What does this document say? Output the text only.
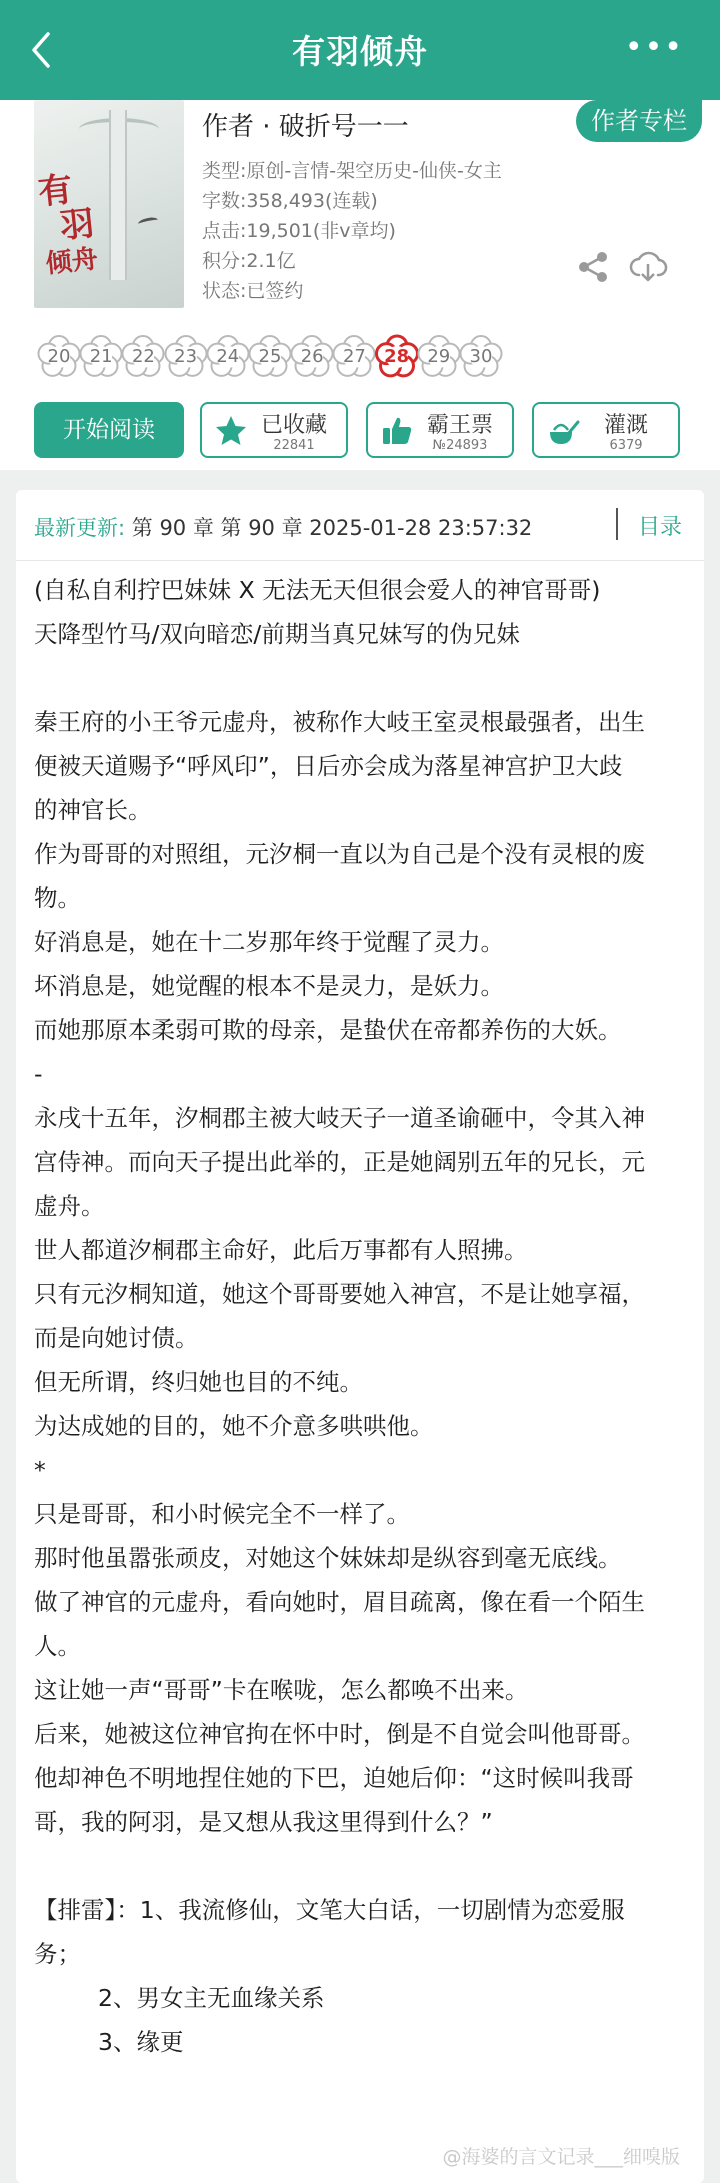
有羽倾舟	•••
有
羽
倾舟
作者 · 破折号一一	作者专栏
类型:原创-言情-架空历史-仙侠-女主
字数:358,493(连载)
点击:19,501(非v章均)
积分:2.1亿
状态:已签约
20	21	22	23	24	25	26	27	28	29	30
开始阅读	已收藏
22841
霸王票
№24893
灌溉
6379
最新更新: 第 90 章 第 90 章 2025-01-28 23:57:32	目录

(自私自利拧巴妹妹 X 无法无天但很会爱人的神官哥哥)

天降型竹马/双向暗恋/前期当真兄妹写的伪兄妹

秦王府的小王爷元虚舟，被称作大岐王室灵根最强者，出生

便被天道赐予“呼风印”，日后亦会成为落星神宫护卫大歧

的神官长。

作为哥哥的对照组，元汐桐一直以为自己是个没有灵根的废

物。

好消息是，她在十二岁那年终于觉醒了灵力。

坏消息是，她觉醒的根本不是灵力，是妖力。

而她那原本柔弱可欺的母亲，是蛰伏在帝都养伤的大妖。

-

永戌十五年，汐桐郡主被大岐天子一道圣谕砸中，令其入神

宫侍神。而向天子提出此举的，正是她阔别五年的兄长，元

虚舟。

世人都道汐桐郡主命好，此后万事都有人照拂。

只有元汐桐知道，她这个哥哥要她入神宫，不是让她享福，

而是向她讨债。

但无所谓，终归她也目的不纯。

为达成她的目的，她不介意多哄哄他。

*

只是哥哥，和小时候完全不一样了。

那时他虽嚣张顽皮，对她这个妹妹却是纵容到毫无底线。

做了神官的元虚舟，看向她时，眉目疏离，像在看一个陌生

人。

这让她一声“哥哥”卡在喉咙，怎么都唤不出来。

后来，她被这位神官拘在怀中时，倒是不自觉会叫他哥哥。

他却神色不明地捏住她的下巴，迫她后仰：“这时候叫我哥

哥，我的阿羽，是又想从我这里得到什么？”

【排雷】：1、我流修仙，文笔大白话，一切剧情为恋爱服

务；

2、男女主无血缘关系

3、缘更

@海婆的言文记录___细嗅版
